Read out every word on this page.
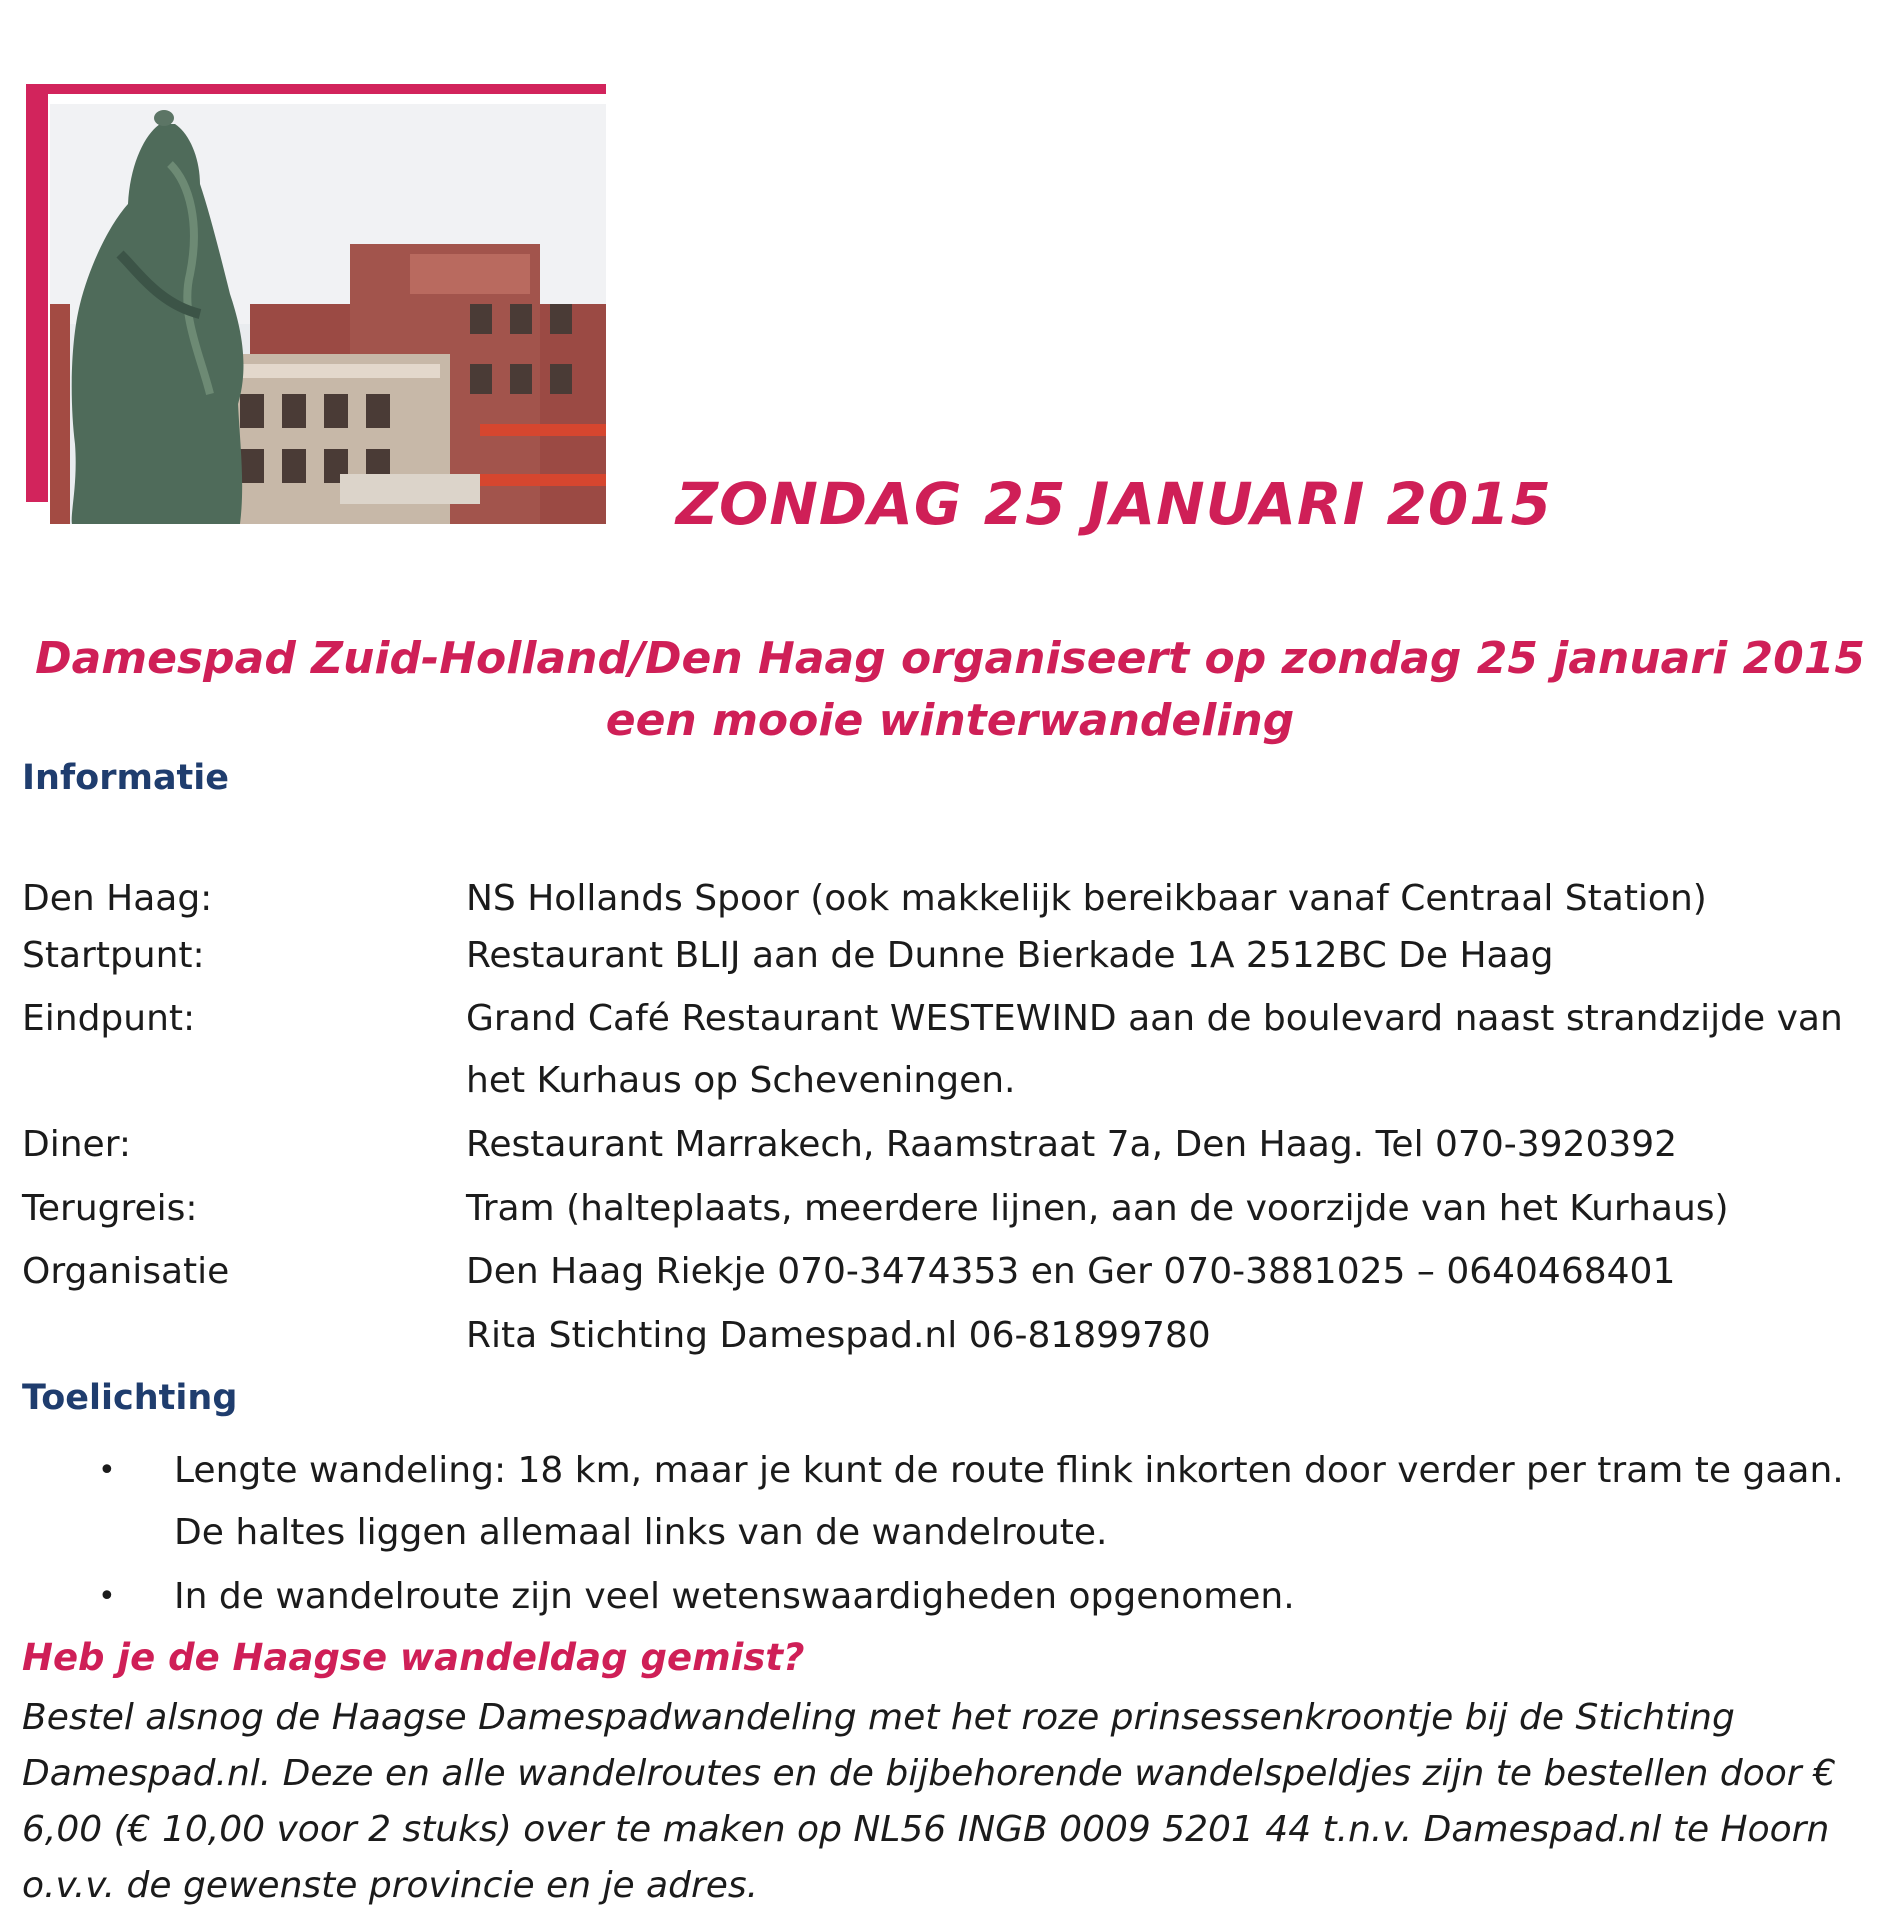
ZONDAG 25 JANUARI 2015
Damespad Zuid-Holland/Den Haag organiseert op zondag 25 januari 2015
een mooie winterwandeling
Informatie
Den Haag:	NS Hollands Spoor (ook makkelijk bereikbaar vanaf Centraal Station)
Startpunt:	Restaurant BLIJ aan de Dunne Bierkade 1A 2512BC De Haag
Eindpunt:	Grand Café Restaurant WESTEWIND aan de boulevard naast strandzijde van
het Kurhaus op Scheveningen.
Diner:	Restaurant Marrakech, Raamstraat 7a, Den Haag. Tel 070-3920392
Terugreis:	Tram (halteplaats, meerdere lijnen, aan de voorzijde van het Kurhaus)
Organisatie	Den Haag Riekje 070-3474353 en Ger 070-3881025 – 0640468401
Rita Stichting Damespad.nl 06-81899780
Toelichting
• Lengte wandeling: 18 km, maar je kunt de route flink inkorten door verder per tram te gaan.
De haltes liggen allemaal links van de wandelroute.
• In de wandelroute zijn veel wetenswaardigheden opgenomen.
Heb je de Haagse wandeldag gemist?
Bestel alsnog de Haagse Damespadwandeling met het roze prinsessenkroontje bij de Stichting
Damespad.nl. Deze en alle wandelroutes en de bijbehorende wandelspeldjes zijn te bestellen door €
6,00 (€ 10,00 voor 2 stuks) over te maken op NL56 INGB 0009 5201 44 t.n.v. Damespad.nl te Hoorn
o.v.v. de gewenste provincie en je adres.
